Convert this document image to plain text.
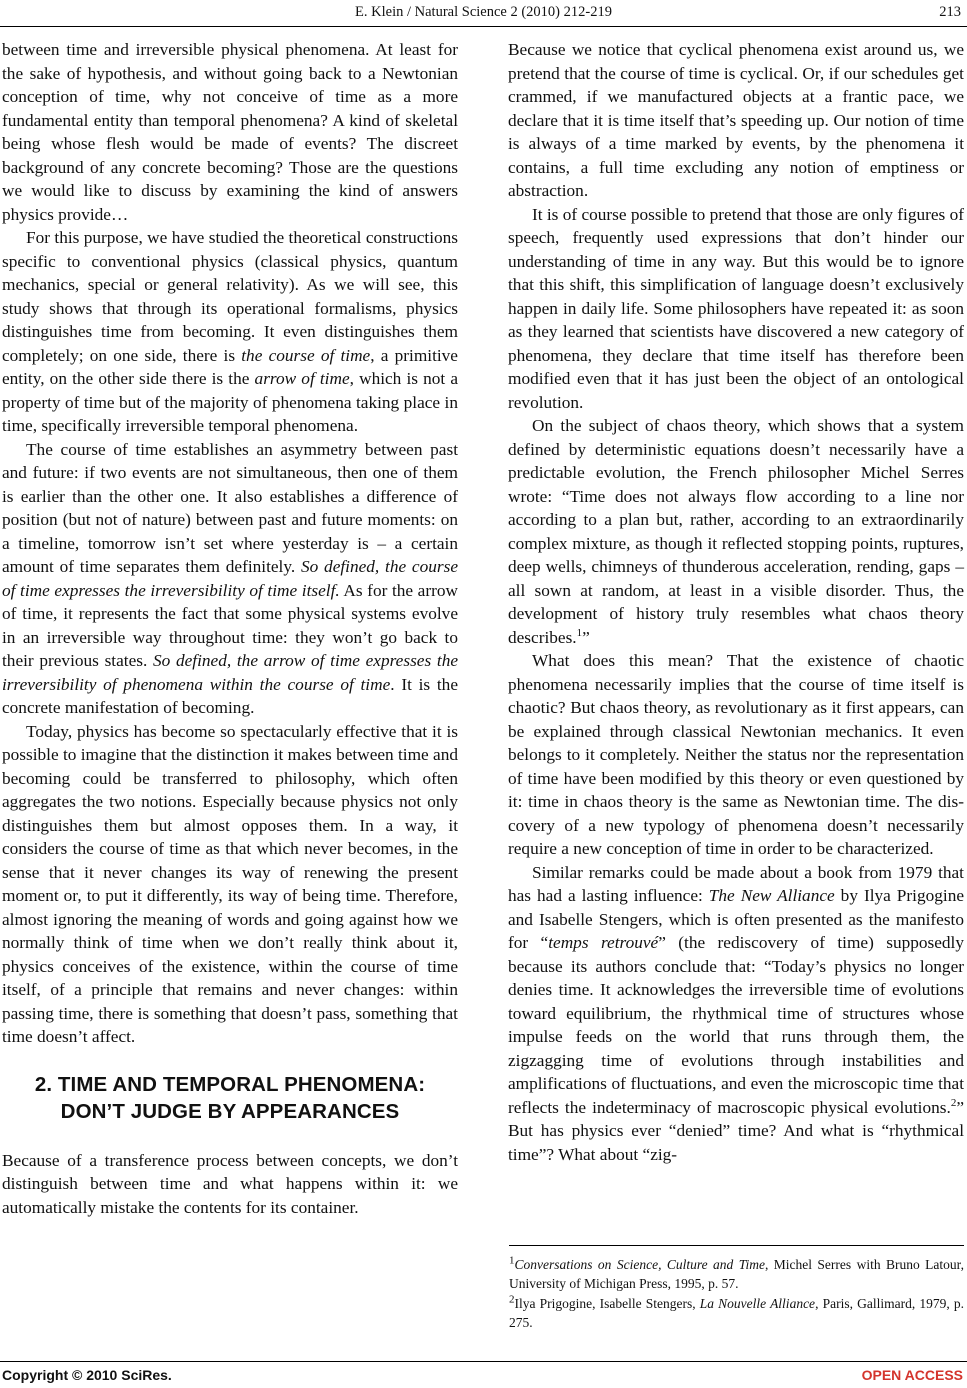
E. Klein / Natural Science 2 (2010) 212-219	213

between time and irreversible physical phenomena. At least for the sake of hypothesis, and without going back to a Newtonian conception of time, why not conceive of time as a more fundamental entity than temporal phenomena? A kind of skeletal being whose flesh would be made of events? The discreet background of any concrete becoming? Those are the questions we would like to discuss by examining the kind of answers physics provide…

For this purpose, we have studied the theoretical constructions specific to conventional physics (classical physics, quantum mechanics, special or general relativity). As we will see, this study shows that through its operational formalisms, physics distinguishes time from becoming. It even distinguishes them completely; on one side, there is the course of time, a primitive entity, on the other side there is the arrow of time, which is not a property of time but of the majority of phenomena taking place in time, specifically irreversible temporal phenomena.

The course of time establishes an asymmetry between past and future: if two events are not simultaneous, then one of them is earlier than the other one. It also establishes a difference of position (but not of nature) between past and future moments: on a timeline, tomorrow isn’t set where yesterday is – a certain amount of time separates them definitely. So defined, the course of time expresses the irreversibility of time itself. As for the arrow of time, it represents the fact that some physical systems evolve in an irreversible way throughout time: they won’t go back to their previous states. So defined, the arrow of time expresses the irreversibility of phenomena within the course of time. It is the concrete manifestation of becoming.

Today, physics has become so spectacularly effective that it is possible to imagine that the distinction it makes between time and becoming could be transferred to philosophy, which often aggregates the two notions. Especially because physics not only distinguishes them but almost opposes them. In a way, it considers the course of time as that which never becomes, in the sense that it never changes its way of renewing the present moment or, to put it differently, its way of being time. Therefore, almost ignoring the meaning of words and going against how we normally think of time when we don’t really think about it, physics conceives of the existence, within the course of time itself, of a principle that remains and never changes: within passing time, there is something that doesn’t pass, something that time doesn’t affect.

2. TIME AND TEMPORAL PHENOMENA: DON’T JUDGE BY APPEARANCES

Because of a transference process between concepts, we don’t distinguish between time and what happens within it: we automatically mistake the contents for its container.

Because we notice that cyclical phenomena exist around us, we pretend that the course of time is cyclical. Or, if our schedules get crammed, if we manufactured objects at a frantic pace, we declare that it is time itself that’s speeding up. Our notion of time is always of a time marked by events, by the phenomena it contains, a full time excluding any notion of emptiness or abstraction.

It is of course possible to pretend that those are only figures of speech, frequently used expressions that don’t hinder our understanding of time in any way. But this would be to ignore that this shift, this simplification of language doesn’t exclusively happen in daily life. Some philosophers have repeated it: as soon as they learned that scientists have discovered a new category of phenomena, they declare that time itself has therefore been modified even that it has just been the object of an ontological revolution.

On the subject of chaos theory, which shows that a system defined by deterministic equations doesn’t necessarily have a predictable evolution, the French philosopher Michel Serres wrote: “Time does not always flow according to a line nor according to a plan but, rather, according to an extraordinarily complex mixture, as though it reflected stopping points, ruptures, deep wells, chimneys of thunderous acceleration, rending, gaps – all sown at random, at least in a visible disorder. Thus, the development of history truly resembles what chaos theory describes.$^1$”

What does this mean? That the existence of chaotic phenomena necessarily implies that the course of time itself is chaotic? But chaos theory, as revolutionary as it first appears, can be explained through classical Newtonian mechanics. It even belongs to it completely. Neither the status nor the representation of time have been modified by this theory or even questioned by it: time in chaos theory is the same as Newtonian time. The discovery of a new typology of phenomena doesn’t necessarily require a new conception of time in order to be characterized.

Similar remarks could be made about a book from 1979 that has had a lasting influence: The New Alliance by Ilya Prigogine and Isabelle Stengers, which is often presented as the manifesto for “temps retrouvé” (the rediscovery of time) supposedly because its authors conclude that: “Today’s physics no longer denies time. It acknowledges the irreversible time of evolutions toward equilibrium, the rhythmical time of structures whose impulse feeds on the world that runs through them, the zigzagging time of evolutions through instabilities and amplifications of fluctuations, and even the microscopic time that reflects the indeterminacy of macroscopic physical evolutions.$^2$” But has physics ever “denied” time? And what is “rhythmical time”? What about “zig-

$^1$Conversations on Science, Culture and Time, Michel Serres with Bruno Latour, University of Michigan Press, 1995, p. 57.

$^2$Ilya Prigogine, Isabelle Stengers, La Nouvelle Alliance, Paris, Gallimard, 1979, p. 275.

Copyright © 2010 SciRes.	OPEN ACCESS
